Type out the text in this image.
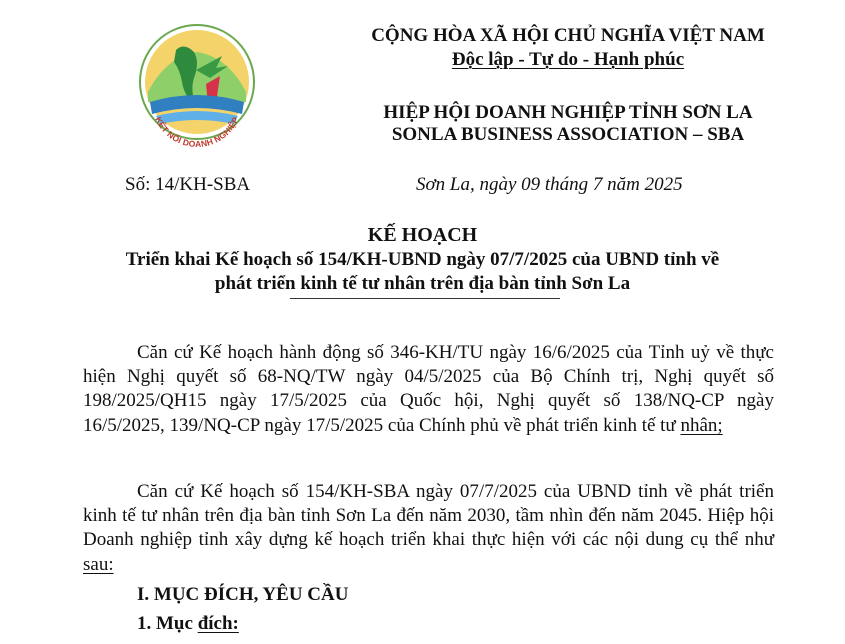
KẾT NỐI DOANH NGHIỆP
CỘNG HÒA XÃ HỘI CHỦ NGHĨA VIỆT NAM
Độc lập - Tự do - Hạnh phúc
HIỆP HỘI DOANH NGHIỆP TỈNH SƠN LA
SONLA BUSINESS ASSOCIATION – SBA
Số: 14/KH-SBA	Sơn La, ngày 09 tháng 7 năm 2025
KẾ HOẠCH
Triển khai Kế hoạch số 154/KH-UBND ngày 07/7/2025 của UBND tỉnh về
phát triển kinh tế tư nhân trên địa bàn tỉnh Sơn La

Căn cứ Kế hoạch hành động số 346-KH/TU ngày 16/6/2025 của Tỉnh uỷ về thực hiện Nghị quyết số 68-NQ/TW ngày 04/5/2025 của Bộ Chính trị, Nghị quyết số 198/2025/QH15 ngày 17/5/2025 của Quốc hội, Nghị quyết số 138/NQ-CP ngày 16/5/2025, 139/NQ-CP ngày 17/5/2025 của Chính phủ về phát triển kinh tế tư nhân;

Căn cứ Kế hoạch số 154/KH-SBA ngày 07/7/2025 của UBND tỉnh về phát triển kinh tế tư nhân trên địa bàn tỉnh Sơn La đến năm 2030, tầm nhìn đến năm 2045. Hiệp hội Doanh nghiệp tỉnh xây dựng kế hoạch triển khai thực hiện với các nội dung cụ thể như sau:

I. MỤC ĐÍCH, YÊU CẦU
1. Mục đích:
